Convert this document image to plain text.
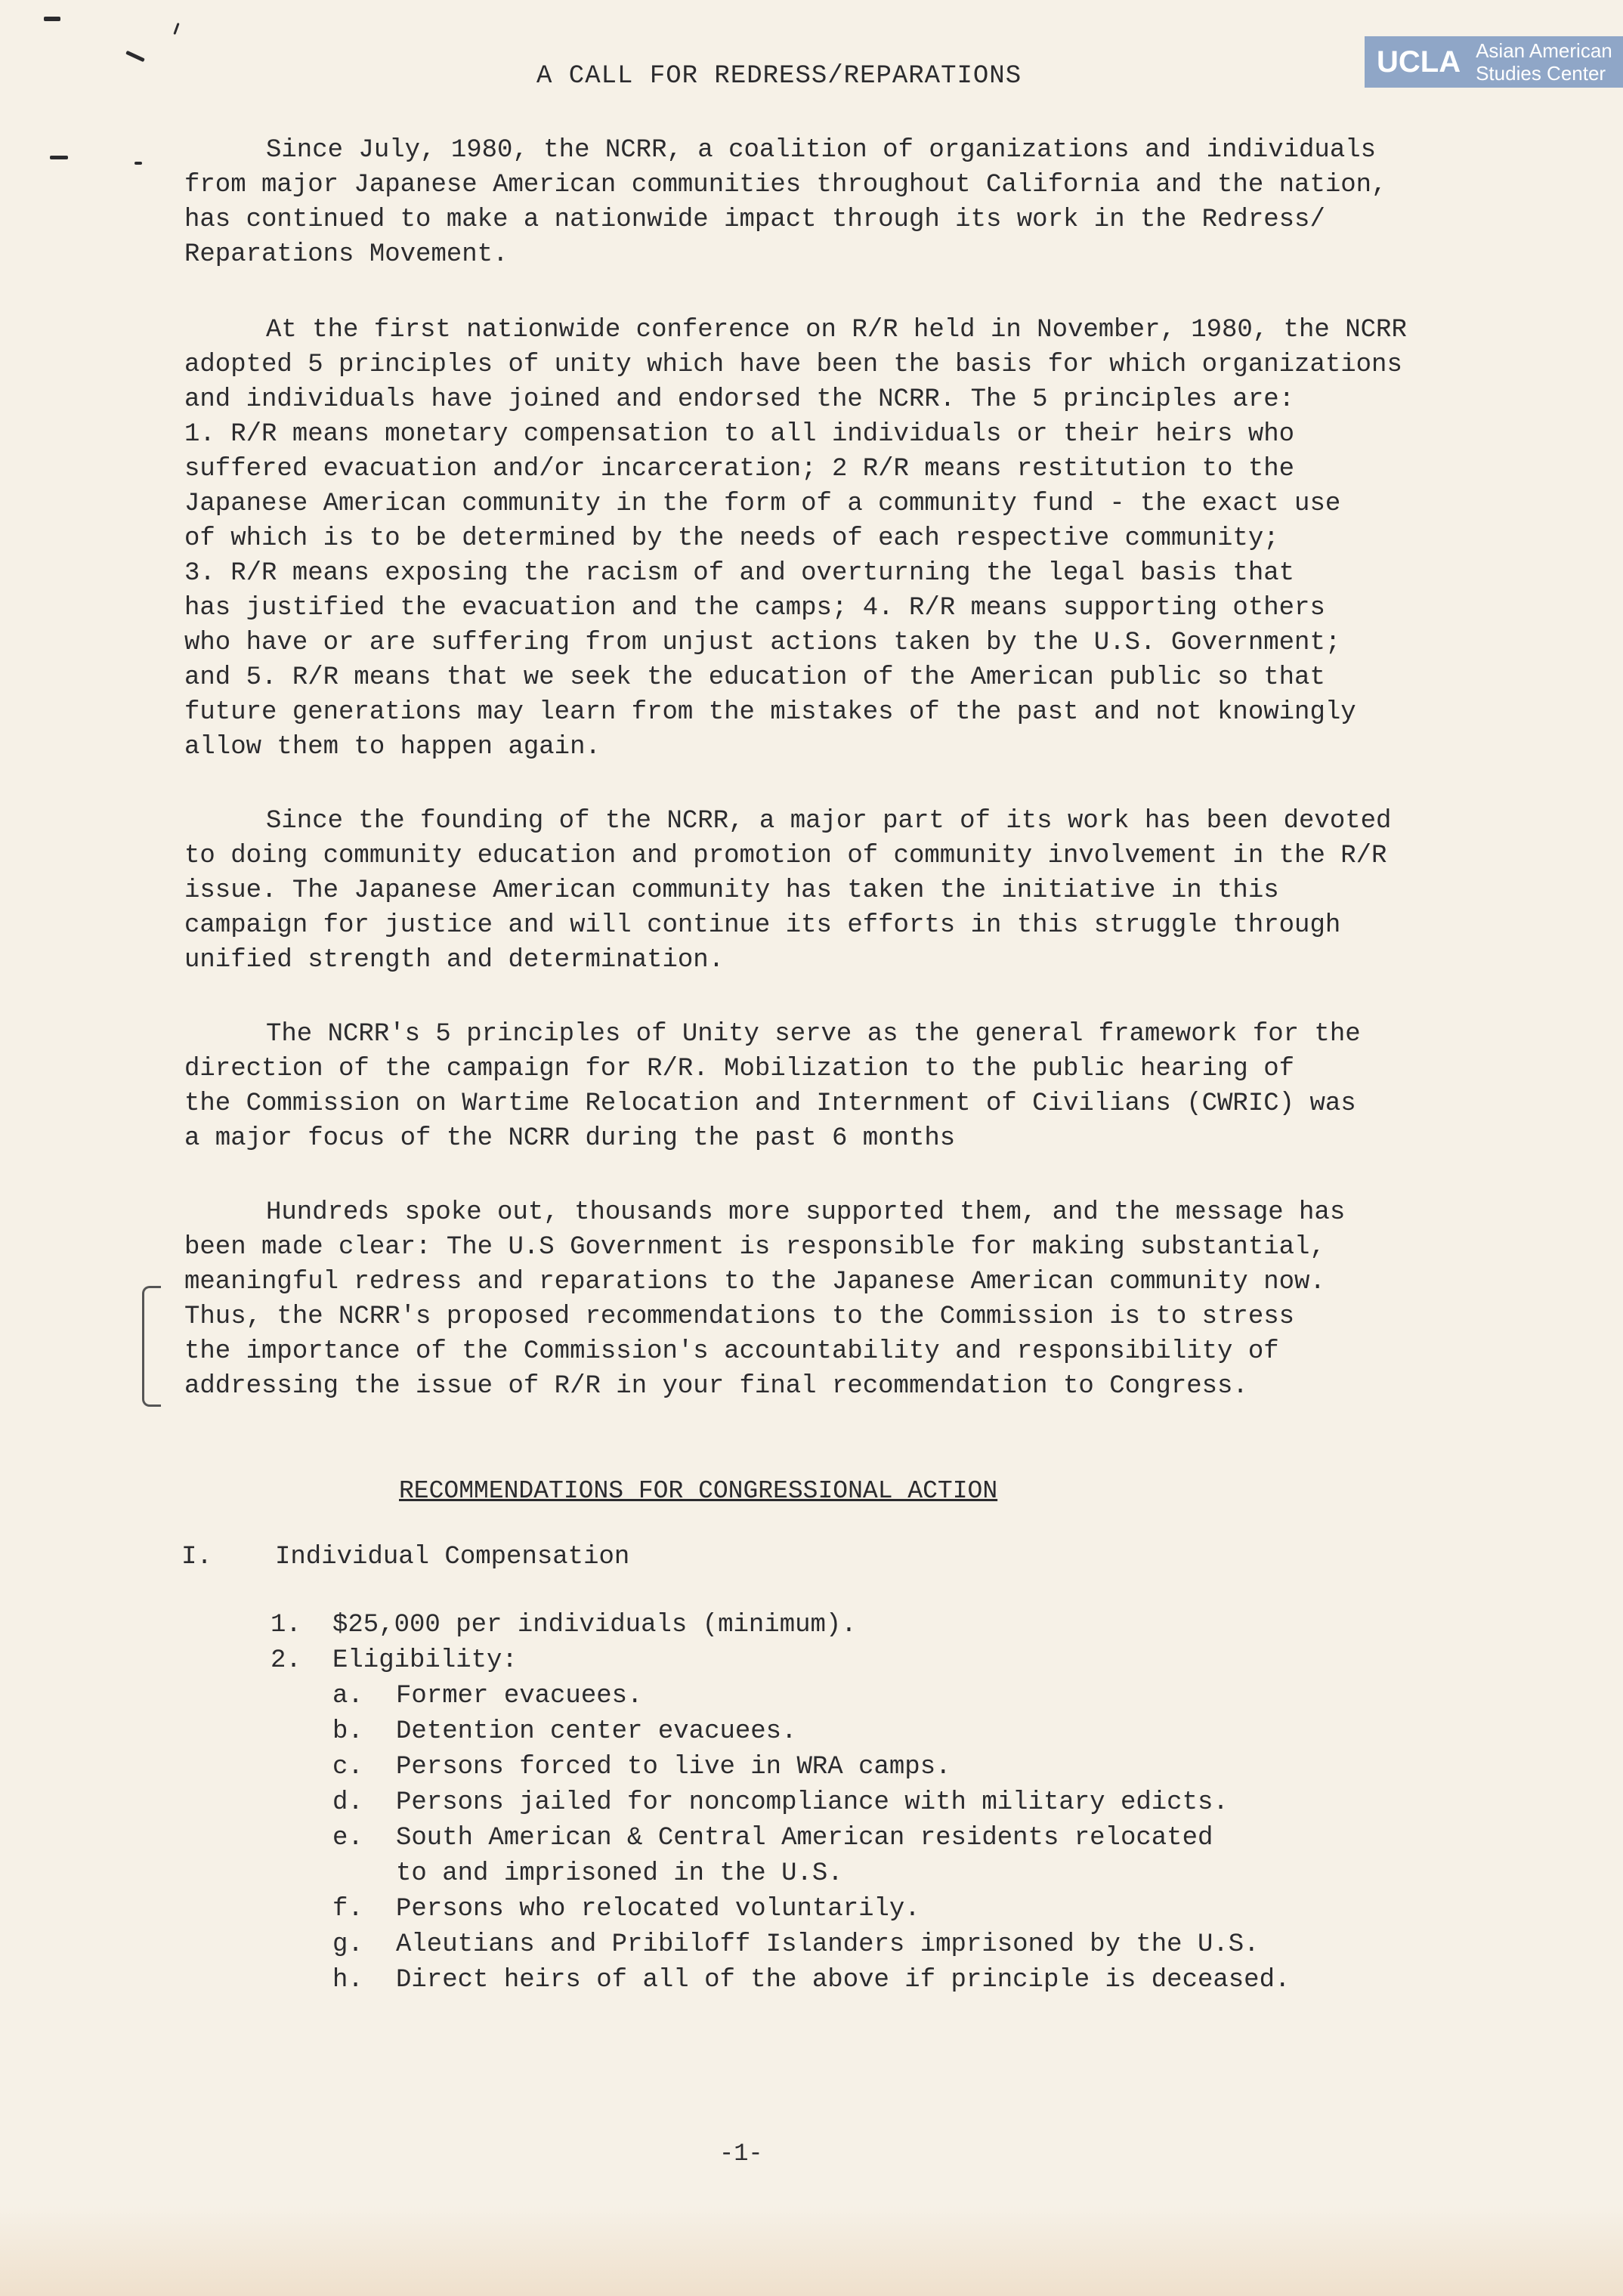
UCLA Asian American
Studies Center
A CALL FOR REDRESS/REPARATIONS

Since July, 1980, the NCRR, a coalition of organizations and individuals

from major Japanese American communities throughout California and the nation,

has continued to make a nationwide impact through its work in the Redress/

Reparations Movement.

At the first nationwide conference on R/R held in November, 1980, the NCRR

adopted 5 principles of unity which have been the basis for which organizations

and individuals have joined and endorsed the NCRR. The 5 principles are:

1. R/R means monetary compensation to all individuals or their heirs who

suffered evacuation and/or incarceration; 2 R/R means restitution to the

Japanese American community in the form of a community fund - the exact use

of which is to be determined by the needs of each respective community;

3. R/R means exposing the racism of and overturning the legal basis that

has justified the evacuation and the camps; 4. R/R means supporting others

who have or are suffering from unjust actions taken by the U.S. Government;

and 5. R/R means that we seek the education of the American public so that

future generations may learn from the mistakes of the past and not knowingly

allow them to happen again.

Since the founding of the NCRR, a major part of its work has been devoted

to doing community education and promotion of community involvement in the R/R

issue. The Japanese American community has taken the initiative in this

campaign for justice and will continue its efforts in this struggle through

unified strength and determination.

The NCRR's 5 principles of Unity serve as the general framework for the

direction of the campaign for R/R. Mobilization to the public hearing of

the Commission on Wartime Relocation and Internment of Civilians (CWRIC) was

a major focus of the NCRR during the past 6 months

Hundreds spoke out, thousands more supported them, and the message has

been made clear: The U.S Government is responsible for making substantial,

meaningful redress and reparations to the Japanese American community now.

Thus, the NCRR's proposed recommendations to the Commission is to stress

the importance of the Commission's accountability and responsibility of

addressing the issue of R/R in your final recommendation to Congress.

RECOMMENDATIONS FOR CONGRESSIONAL ACTION
I. Individual Compensation
1.	$25,000 per individuals (minimum).
2.	Eligibility:
a.	Former evacuees.
b.	Detention center evacuees.
c.	Persons forced to live in WRA camps.
d.	Persons jailed for noncompliance with military edicts.
e.	South American & Central American residents relocated
to and imprisoned in the U.S.
f.	Persons who relocated voluntarily.
g.	Aleutians and Pribiloff Islanders imprisoned by the U.S.
h.	Direct heirs of all of the above if principle is deceased.
-1-
